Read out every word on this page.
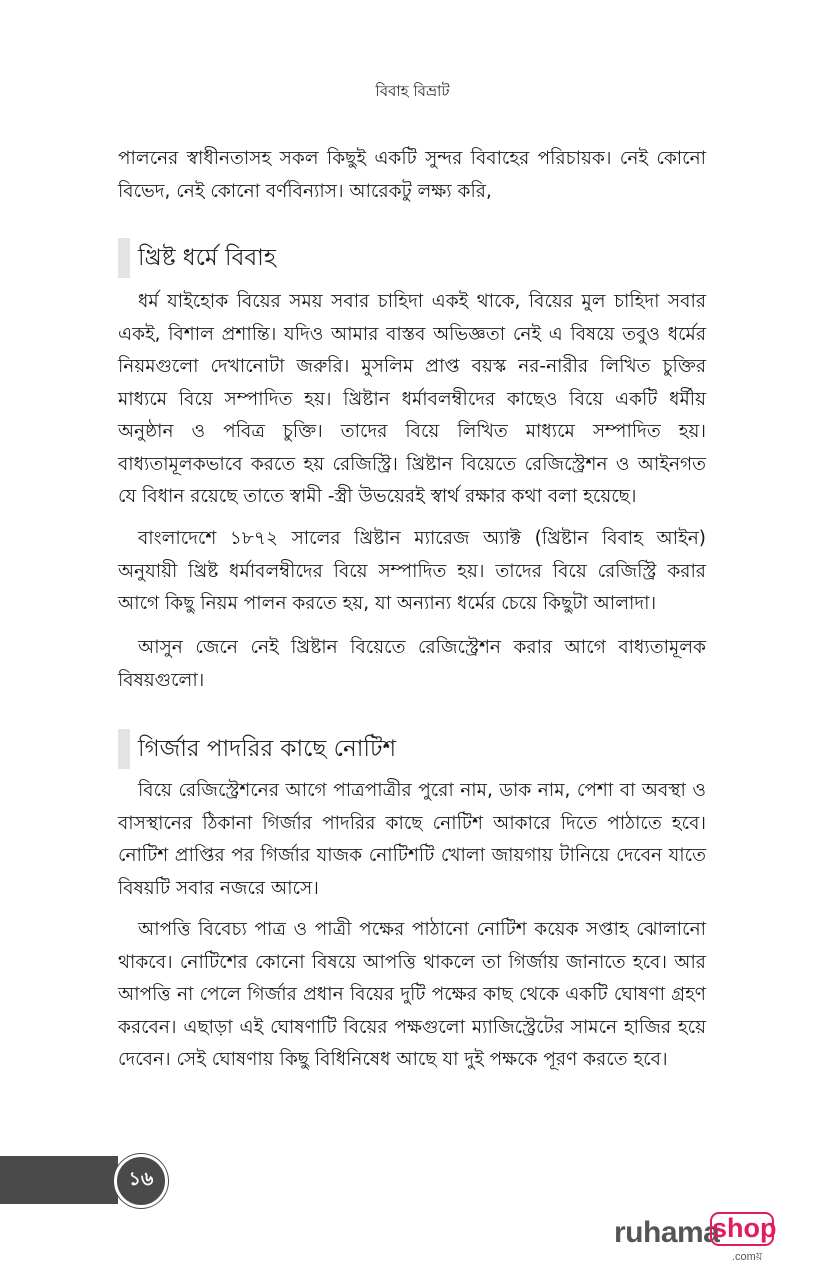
বিবাহ বিভ্রাট

পালনের স্বাধীনতাসহ সকল কিছুই একটি সুন্দর বিবাহের পরিচায়ক। নেই কোনো বিভেদ, নেই কোনো বর্ণবিন্যাস। আরেকটু লক্ষ্য করি,

খ্রিষ্ট ধর্মে বিবাহ

ধর্ম যাইহোক বিয়ের সময় সবার চাহিদা একই থাকে, বিয়ের মুল চাহিদা সবার একই, বিশাল প্রশান্তি। যদিও আমার বাস্তব অভিজ্ঞতা নেই এ বিষয়ে তবুও ধর্মের নিয়মগুলো দেখানোটা জরুরি। মুসলিম প্রাপ্ত বয়স্ক নর-নারীর লিখিত চুক্তির মাধ্যমে বিয়ে সম্পাদিত হয়। খ্রিষ্টান ধর্মাবলম্বীদের কাছেও বিয়ে একটি ধর্মীয় অনুষ্ঠান ও পবিত্র চুক্তি। তাদের বিয়ে লিখিত মাধ্যমে সম্পাদিত হয়। বাধ্যতামূলকভাবে করতে হয় রেজিস্ট্রি। খ্রিষ্টান বিয়েতে রেজিস্ট্রেশন ও আইনগত যে বিধান রয়েছে তাতে স্বামী -স্ত্রী উভয়েরই স্বার্থ রক্ষার কথা বলা হয়েছে।

বাংলাদেশে ১৮৭২ সালের খ্রিষ্টান ম্যারেজ অ্যাক্ট (খ্রিষ্টান বিবাহ আইন) অনুযায়ী খ্রিষ্ট ধর্মাবলম্বীদের বিয়ে সম্পাদিত হয়। তাদের বিয়ে রেজিস্ট্রি করার আগে কিছু নিয়ম পালন করতে হয়, যা অন্যান্য ধর্মের চেয়ে কিছুটা আলাদা।

আসুন জেনে নেই খ্রিষ্টান বিয়েতে রেজিস্ট্রেশন করার আগে বাধ্যতামূলক বিষয়গুলো।

গির্জার পাদরির কাছে নোটিশ

বিয়ে রেজিস্ট্রেশনের আগে পাত্রপাত্রীর পুরো নাম, ডাক নাম, পেশা বা অবস্থা ও বাসস্থানের ঠিকানা গির্জার পাদরির কাছে নোটিশ আকারে দিতে পাঠাতে হবে। নোটিশ প্রাপ্তির পর গির্জার যাজক নোটিশটি খোলা জায়গায় টানিয়ে দেবেন যাতে বিষয়টি সবার নজরে আসে।

আপত্তি বিবেচ্য পাত্র ও পাত্রী পক্ষের পাঠানো নোটিশ কয়েক সপ্তাহ ঝোলানো থাকবে। নোটিশের কোনো বিষয়ে আপত্তি থাকলে তা গির্জায় জানাতে হবে। আর আপত্তি না পেলে গির্জার প্রধান বিয়ের দুটি পক্ষের কাছ থেকে একটি ঘোষণা গ্রহণ করবেন। এছাড়া এই ঘোষণাটি বিয়ের পক্ষগুলো ম্যাজিস্ট্রেটের সামনে হাজির হয়ে দেবেন। সেই ঘোষণায় কিছু বিধিনিষেধ আছে যা দুই পক্ষকে পূরণ করতে হবে।

১৬
ruhama
shop
.comয়
